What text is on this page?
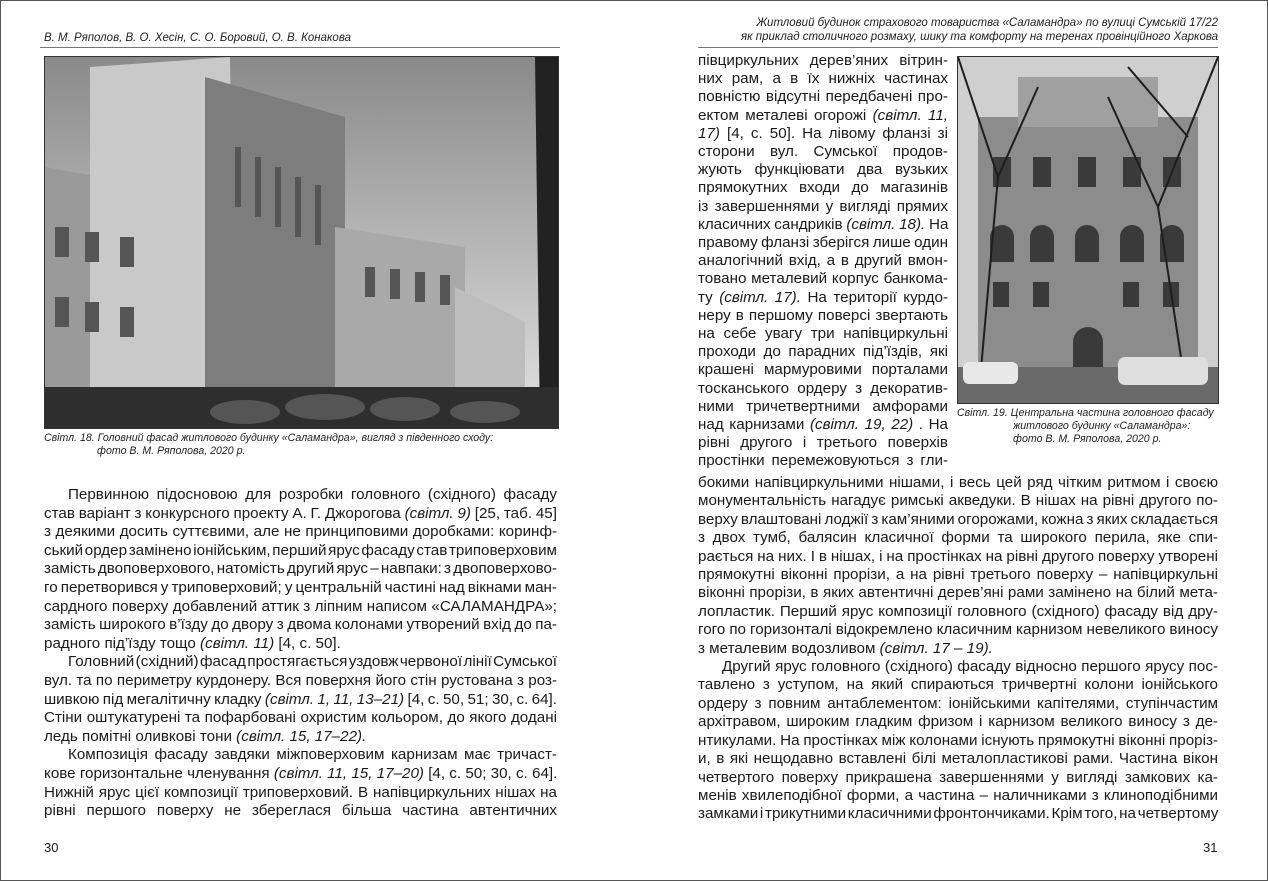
В. М. Ряполов, В. О. Хесін, С. О. Боровий, О. В. Конакова
Світл. 18. Головний фасад житлового будинку «Саламандра», вигляд з південного сходу:
фото В. М. Ряполова, 2020 р.
Первинною підосновою для розробки головного (східного) фасаду
став варіант з конкурсного проекту А. Г. Джорогова (світл. 9) [25, таб. 45]
з деякими досить суттєвими, але не принциповими доробками: коринф-
ський ордер замінено іонійським, перший ярус фасаду став триповерховим
замість двоповерхового, натомість другий ярус – навпаки: з двоповерхово-
го перетворився у триповерховий; у центральній частині над вікнами ман-
сардного поверху добавлений аттик з ліпним написом «САЛАМАНДРА»;
замість широкого в’їзду до двору з двома колонами утворений вхід до па-
радного під’їзду тощо (світл. 11) [4, с. 50].
Головний (східний) фасад простягається уздовж червоної лінії Сумської
вул. та по периметру курдонеру. Вся поверхня його стін рустована з роз-
шивкою під мегалітичну кладку (світл. 1, 11, 13–21) [4, с. 50, 51; 30, с. 64].
Стіни оштукатурені та пофарбовані охристим кольором, до якого додані
ледь помітні оливкові тони (світл. 15, 17–22).
Композиція фасаду завдяки міжповерховим карнизам має тричаст-
кове горизонтальне членування (світл. 11, 15, 17–20) [4, с. 50; 30, с. 64].
Нижній ярус цієї композиції триповерховий. В напівциркульних нішах на
рівні першого поверху не збереглася більша частина автентичних
30
Житловий будинок страхового товариства «Саламандра» по вулиці Сумській 17/22
як приклад столичного розмаху, шику та комфорту на теренах провінційного Харкова
півциркульних дерев’яних вітрин-
них рам, а в їх нижніх частинах
повністю відсутні передбачені про-
ектом металеві огорожі (світл. 11,
17) [4, с. 50]. На лівому фланзі зі
сторони вул. Сумської продов-
жують функціювати два вузьких
прямокутних входи до магазинів
із завершеннями у вигляді прямих
класичних сандриків (світл. 18). На
правому фланзі зберігся лише один
аналогічний вхід, а в другий вмон-
товано металевий корпус банкома-
ту (світл. 17). На території курдо-
неру в першому поверсі звертають
на себе увагу три напівциркульні
проходи до парадних під’їздів, які
крашені мармуровими порталами
тосканського ордеру з декоратив-
ними тричетвертними амфорами
над карнизами (світл. 19, 22) . На
рівні другого і третього поверхів
простінки перемежовуються з гли-
Світл. 19. Центральна частина головного фасаду
житлового будинку «Саламандра»:
фото В. М. Ряполова, 2020 р.
бокими напівциркульними нішами, і весь цей ряд чітким ритмом і своєю
монументальність нагадує римські акведуки. В нішах на рівні другого по-
верху влаштовані лоджії з кам’яними огорожами, кожна з яких складається
з двох тумб, балясин класичної форми та широкого перила, яке спи-
рається на них. І в нішах, і на простінках на рівні другого поверху утворені
прямокутні віконні прорізи, а на рівні третього поверху – напівциркульні
віконні прорізи, в яких автентичні дерев’яні рами замінено на білий мета-
лопластик. Перший ярус композиції головного (східного) фасаду від дру-
гого по горизонталі відокремлено класичним карнизом невеликого виносу
з металевим водозливом (світл. 17 – 19).
Другий ярус головного (східного) фасаду відносно першого ярусу пос-
тавлено з уступом, на який спираються тричвертні колони іонійського
ордеру з повним антаблементом: іонійськими капітелями, ступінчастим
архітравом, широким гладким фризом і карнизом великого виносу з де-
нтикулами. На простінках між колонами існують прямокутні віконні проріз-
и, в які нещодавно вставлені білі металопластикові рами. Частина вікон
четвертого поверху прикрашена завершеннями у вигляді замкових ка-
менів хвилеподібної форми, а частина – наличниками з клиноподібними
замками і трикутними класичними фронтончиками. Крім того, на четвертому
31
